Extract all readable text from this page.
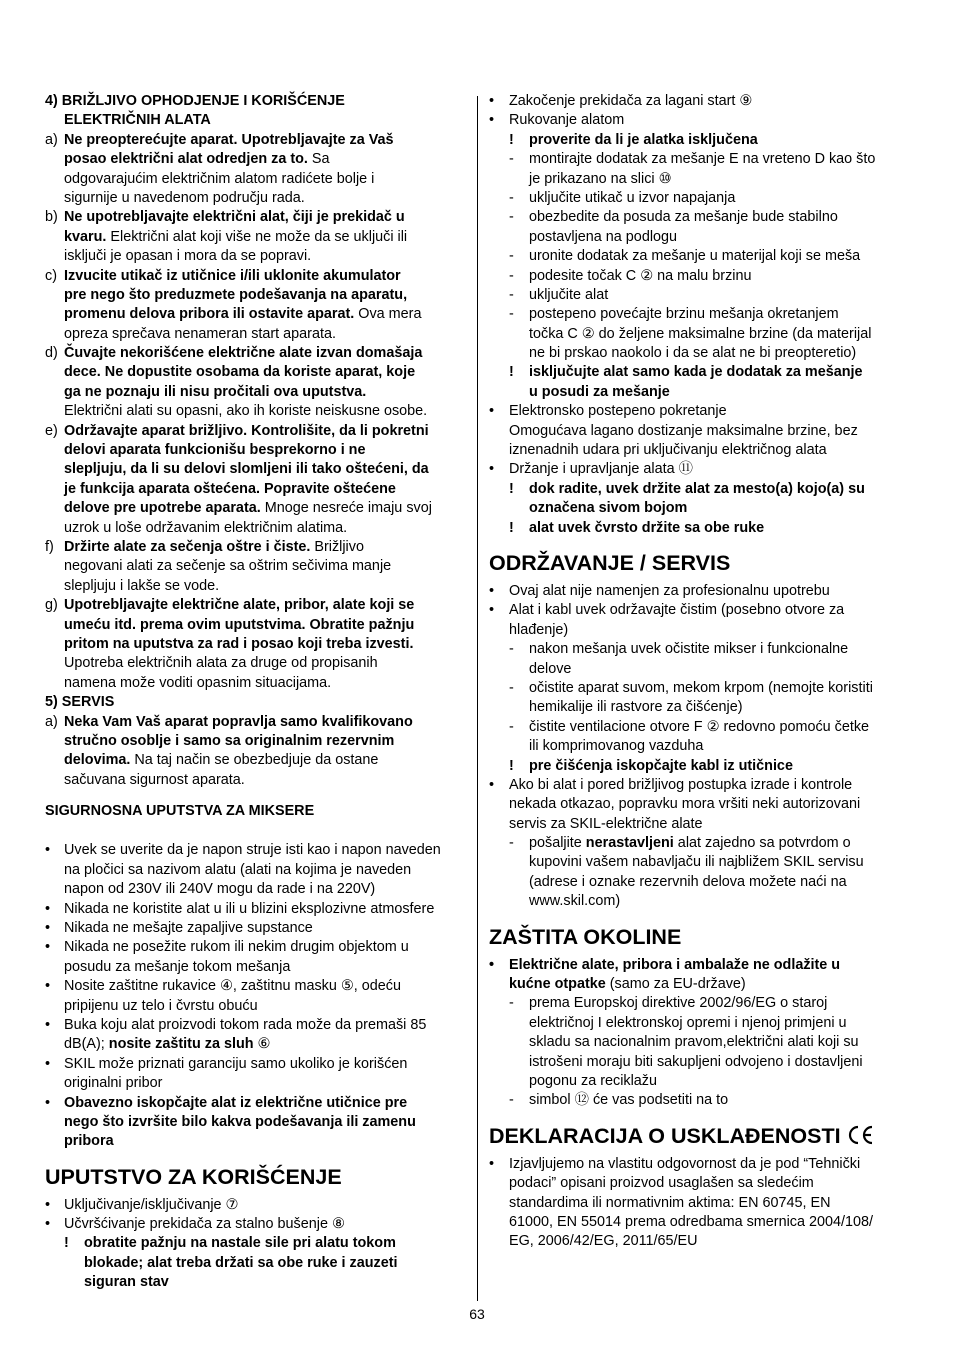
4) BRIŽLJIVO OPHODJENJE I KORIŠĆENJE
ELEKTRIČNIH ALATA
a) Ne preopterećujte aparat. Upotrebljavajte za Vaš
posao električni alat odredjen za to. Sa
odgovarajućim električnim alatom radićete bolje i
sigurnije u navedenom području rada.
b) Ne upotrebljavajte električni alat, čiji je prekidač u
kvaru. Električni alat koji više ne može da se uključi ili
isključi je opasan i mora da se popravi.
c) Izvucite utikač iz utičnice i/ili uklonite akumulator
pre nego što preduzmete podešavanja na aparatu,
promenu delova pribora ili ostavite aparat. Ova mera
opreza sprečava nenameran start aparata.
d) Čuvajte nekorišćene električne alate izvan domašaja
dece. Ne dopustite osobama da koriste aparat, koje
ga ne poznaju ili nisu pročitali ova uputstva.
Električni alati su opasni, ako ih koriste neiskusne osobe.
e) Održavajte aparat brižljivo. Kontrolišite, da li pokretni
delovi aparata funkcionišu besprekorno i ne
slepljuju, da li su delovi slomljeni ili tako oštećeni, da
je funkcija aparata oštećena. Popravite oštećene
delove pre upotrebe aparata. Mnoge nesreće imaju svoj
uzrok u loše održavanim električnim alatima.
f) Držirte alate za sečenja oštre i čiste. Brižljivo
negovani alati za sečenje sa oštrim sečivima manje
slepljuju i lakše se vode.
g) Upotrebljavajte električne alate, pribor, alate koji se
umeću itd. prema ovim uputstvima. Obratite pažnju
pritom na uputstva za rad i posao koji treba izvesti.
Upotreba električnih alata za druge od propisanih
namena može voditi opasnim situacijama.
5) SERVIS
a) Neka Vam Vaš aparat popravlja samo kvalifikovano
stručno osoblje i samo sa originalnim rezervnim
delovima. Na taj način se obezbedjuje da ostane
sačuvana sigurnost aparata.
SIGURNOSNA UPUTSTVA ZA MIKSERE
• Uvek se uverite da je napon struje isti kao i napon naveden
na pločici sa nazivom alatu (alati na kojima je naveden
napon od 230V ili 240V mogu da rade i na 220V)
• Nikada ne koristite alat u ili u blizini eksplozivne atmosfere
• Nikada ne mešajte zapaljive supstance
• Nikada ne posežite rukom ili nekim drugim objektom u
posudu za mešanje tokom mešanja
• Nosite zaštitne rukavice ④, zaštitnu masku ⑤, odeću
pripijenu uz telo i čvrstu obuću
• Buka koju alat proizvodi tokom rada može da premaši 85
dB(A); nosite zaštitu za sluh ⑥
• SKIL može priznati garanciju samo ukoliko je korišćen
originalni pribor
• Obavezno iskopčajte alat iz električne utičnice pre
nego što izvršite bilo kakva podešavanja ili zamenu
pribora
UPUTSTVO ZA KORIŠĆENJE
• Uključivanje/isključivanje ⑦
• Učvršćivanje prekidača za stalno bušenje ⑧
! obratite pažnju na nastale sile pri alatu tokom
blokade; alat treba držati sa obe ruke i zauzeti
siguran stav
• Zakočenje prekidača za lagani start ⑨
• Rukovanje alatom
! proverite da li je alatka isključena
- montirajte dodatak za mešanje E na vreteno D kao što
je prikazano na slici ⑩
- uključite utikač u izvor napajanja
- obezbedite da posuda za mešanje bude stabilno
postavljena na podlogu
- uronite dodatak za mešanje u materijal koji se meša
- podesite točak C ② na malu brzinu
- uključite alat
- postepeno povećajte brzinu mešanja okretanjem
točka C ② do željene maksimalne brzine (da materijal
ne bi prskao naokolo i da se alat ne bi preopteretio)
! isključujte alat samo kada je dodatak za mešanje
u posudi za mešanje
• Elektronsko postepeno pokretanje
Omogućava lagano dostizanje maksimalne brzine, bez
iznenadnih udara pri uključivanju električnog alata
• Držanje i upravljanje alata ⑪
! dok radite, uvek držite alat za mesto(a) kojo(a) su
označena sivom bojom
! alat uvek čvrsto držite sa obe ruke
ODRŽAVANJE / SERVIS
• Ovaj alat nije namenjen za profesionalnu upotrebu
• Alat i kabl uvek održavajte čistim (posebno otvore za
hlađenje)
- nakon mešanja uvek očistite mikser i funkcionalne
delove
- očistite aparat suvom, mekom krpom (nemojte koristiti
hemikalije ili rastvore za čišćenje)
- čistite ventilacione otvore F ② redovno pomoću četke
ili komprimovanog vazduha
! pre čišćenja iskopčajte kabl iz utičnice
• Ako bi alat i pored brižljivog postupka izrade i kontrole
nekada otkazao, popravku mora vršiti neki autorizovani
servis za SKIL-električne alate
- pošaljite nerastavljeni alat zajedno sa potvrdom o
kupovini vašem nabavljaču ili najbližem SKIL servisu
(adrese i oznake rezervnih delova možete naći na
www.skil.com)
ZAŠTITA OKOLINE
• Električne alate, pribora i ambalaže ne odlažite u
kućne otpatke (samo za EU-države)
- prema Europskoj direktive 2002/96/EG o staroj
električnoj I elektronskoj opremi i njenoj primjeni u
skladu sa nacionalnim pravom,električni alati koji su
istrošeni moraju biti sakupljeni odvojeno i dostavljeni
pogonu za reciklažu
- simbol ⑫ će vas podsetiti na to
DEKLARACIJA O USKLAĐENOSTI
• Izjavljujemo na vlastitu odgovornost da je pod “Tehnički
podaci” opisani proizvod usaglašen sa sledećim
standardima ili normativnim aktima: EN 60745, EN
61000, EN 55014 prema odredbama smernica 2004/108/
EG, 2006/42/EG, 2011/65/EU
63
